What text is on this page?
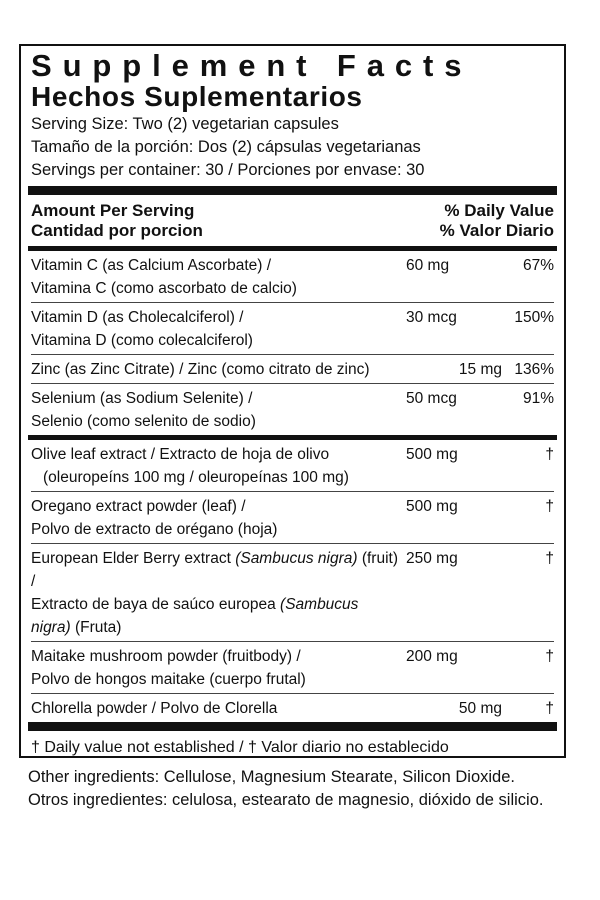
Supplement Facts
Hechos Suplementarios
Serving Size: Two (2) vegetarian capsules
Tamaño de la porción: Dos (2) cápsulas vegetarianas
Servings per container: 30 / Porciones por envase: 30
Amount Per Serving
Cantidad por porcion
% Daily Value
% Valor Diario
Vitamin C (as Calcium Ascorbate) /
Vitamina C (como ascorbato de calcio)
60 mg	67%
Vitamin D (as Cholecalciferol) /
Vitamina D (como colecalciferol)
30 mcg	150%
Zinc (as Zinc Citrate) / Zinc (como citrato de zinc)	15 mg 136%
Selenium (as Sodium Selenite) /
Selenio (como selenito de sodio)
50 mcg	91%
Olive leaf extract / Extracto de hoja de olivo

(oleuropeíns 100 mg / oleuropeínas 100 mg)
500 mg	†
Oregano extract powder (leaf) /
Polvo de extracto de orégano (hoja)
500 mg	†
European Elder Berry extract (Sambucus nigra) (fruit) /
Extracto de baya de saúco europea (Sambucus nigra) (Fruta)
250 mg	†
Maitake mushroom powder (fruitbody) /
Polvo de hongos maitake (cuerpo frutal)
200 mg	†
Chlorella powder / Polvo de Clorella	50 mg	†
† Daily value not established / † Valor diario no establecido
Other ingredients: Cellulose, Magnesium Stearate, Silicon Dioxide.
Otros ingredientes: celulosa, estearato de magnesio, dióxido de silicio.
